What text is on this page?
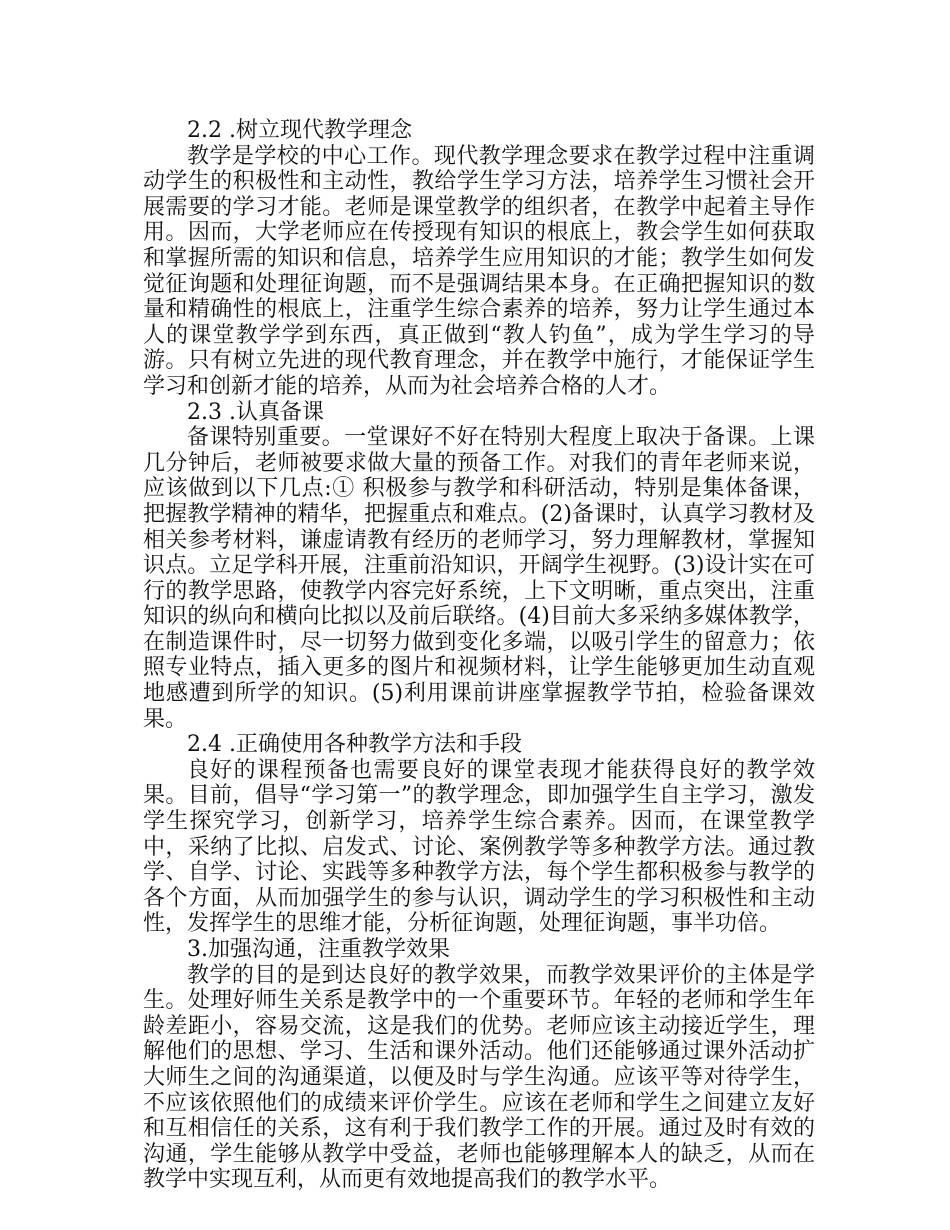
2.2 .树立现代教学理念

教学是学校的中心工作。现代教学理念要求在教学过程中注重调动学生的积极性和主动性，教给学生学习方法，培养学生习惯社会开展需要的学习才能。老师是课堂教学的组织者，在教学中起着主导作用。因而，大学老师应在传授现有知识的根底上，教会学生如何获取和掌握所需的知识和信息，培养学生应用知识的才能；教学生如何发觉征询题和处理征询题，而不是强调结果本身。在正确把握知识的数量和精确性的根底上，注重学生综合素养的培养，努力让学生通过本人的课堂教学学到东西，真正做到“教人钓鱼”，成为学生学习的导游。只有树立先进的现代教育理念，并在教学中施行，才能保证学生学习和创新才能的培养，从而为社会培养合格的人才。

2.3 .认真备课

备课特别重要。一堂课好不好在特别大程度上取决于备课。上课几分钟后，老师被要求做大量的预备工作。对我们的青年老师来说，应该做到以下几点:① 积极参与教学和科研活动，特别是集体备课，把握教学精神的精华，把握重点和难点。(2)备课时，认真学习教材及相关参考材料，谦虚请教有经历的老师学习，努力理解教材，掌握知识点。立足学科开展，注重前沿知识，开阔学生视野。(3)设计实在可行的教学思路，使教学内容完好系统，上下文明晰，重点突出，注重知识的纵向和横向比拟以及前后联络。(4)目前大多采纳多媒体教学，在制造课件时，尽一切努力做到变化多端，以吸引学生的留意力；依照专业特点，插入更多的图片和视频材料，让学生能够更加生动直观地感遭到所学的知识。(5)利用课前讲座掌握教学节拍，检验备课效果。

2.4 .正确使用各种教学方法和手段

良好的课程预备也需要良好的课堂表现才能获得良好的教学效果。目前，倡导“学习第一”的教学理念，即加强学生自主学习，激发学生探究学习，创新学习，培养学生综合素养。因而，在课堂教学中，采纳了比拟、启发式、讨论、案例教学等多种教学方法。通过教学、自学、讨论、实践等多种教学方法，每个学生都积极参与教学的各个方面，从而加强学生的参与认识，调动学生的学习积极性和主动性，发挥学生的思维才能，分析征询题，处理征询题，事半功倍。

3.加强沟通，注重教学效果

教学的目的是到达良好的教学效果，而教学效果评价的主体是学生。处理好师生关系是教学中的一个重要环节。年轻的老师和学生年龄差距小，容易交流，这是我们的优势。老师应该主动接近学生，理解他们的思想、学习、生活和课外活动。他们还能够通过课外活动扩大师生之间的沟通渠道，以便及时与学生沟通。应该平等对待学生，不应该依照他们的成绩来评价学生。应该在老师和学生之间建立友好和互相信任的关系，这有利于我们教学工作的开展。通过及时有效的沟通，学生能够从教学中受益，老师也能够理解本人的缺乏，从而在教学中实现互利，从而更有效地提高我们的教学水平。
